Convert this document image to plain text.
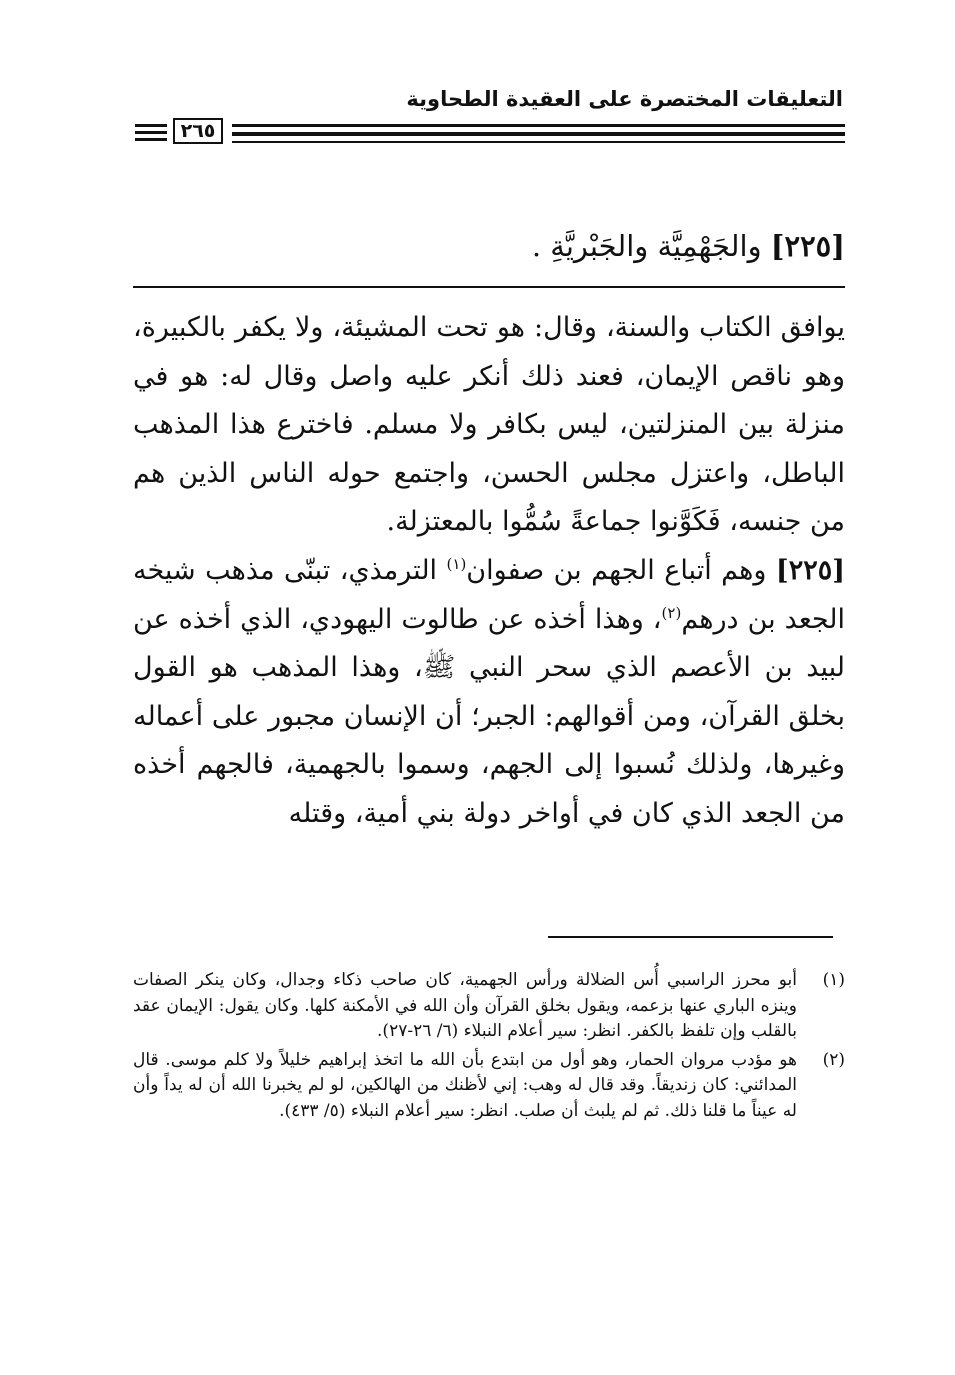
التعليقات المختصرة على العقيدة الطحاوية
٢٦٥
[٢٢٥] والجَهْمِيَّة والجَبْريَّةِ .

يوافق الكتاب والسنة، وقال: هو تحت المشيئة، ولا يكفر بالكبيرة، وهو ناقص الإيمان، فعند ذلك أنكر عليه واصل وقال له: هو في منزلة بين المنزلتين، ليس بكافر ولا مسلم. فاخترع هذا المذهب الباطل، واعتزل مجلس الحسن، واجتمع حوله الناس الذين هم من جنسه، فَكَوَّنوا جماعةً سُمُّوا بالمعتزلة.

[٢٢٥] وهم أتباع الجهم بن صفوان$^{(١)}$ الترمذي، تبنّى مذهب شيخه الجعد بن درهم$^{(٢)}$، وهذا أخذه عن طالوت اليهودي، الذي أخذه عن لبيد بن الأعصم الذي سحر النبي ﷺ، وهذا المذهب هو القول بخلق القرآن، ومن أقوالهم: الجبر؛ أن الإنسان مجبور على أعماله وغيرها، ولذلك نُسبوا إلى الجهم، وسموا بالجهمية، فالجهم أخذه من الجعد الذي كان في أواخر دولة بني أمية، وقتله

(١)
أبو محرز الراسبي أُس الضلالة ورأس الجهمية، كان صاحب ذكاء وجدال، وكان ينكر الصفات وينزه الباري عنها بزعمه، ويقول بخلق القرآن وأن الله في الأمكنة كلها. وكان يقول: الإيمان عقد بالقلب وإن تلفظ بالكفر. انظر: سير أعلام النبلاء (٦/ ٢٦-٢٧).
(٢)
هو مؤدب مروان الحمار، وهو أول من ابتدع بأن الله ما اتخذ إبراهيم خليلاً ولا كلم موسى. قال المدائني: كان زنديقاً. وقد قال له وهب: إني لأظنك من الهالكين، لو لم يخبرنا الله أن له يداً وأن له عيناً ما قلنا ذلك. ثم لم يلبث أن صلب. انظر: سير أعلام النبلاء (٥/ ٤٣٣).
